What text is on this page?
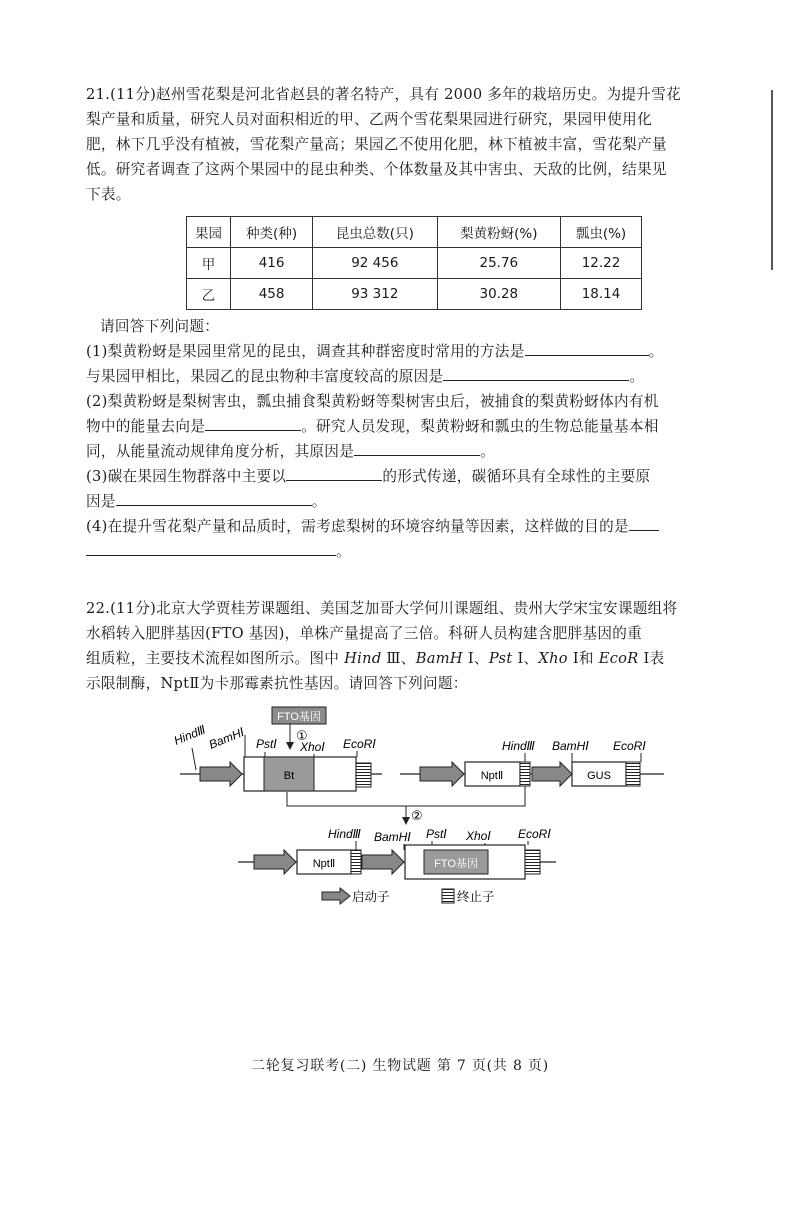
21.(11分)赵州雪花梨是河北省赵县的著名特产，具有 2000 多年的栽培历史。为提升雪花

梨产量和质量，研究人员对面积相近的甲、乙两个雪花梨果园进行研究，果园甲使用化

肥，林下几乎没有植被，雪花梨产量高；果园乙不使用化肥，林下植被丰富，雪花梨产量

低。研究者调查了这两个果园中的昆虫种类、个体数量及其中害虫、天敌的比例，结果见

下表。

果园	种类(种)	昆虫总数(只)	梨黄粉蚜(%)	瓢虫(%)
甲	416	92 456	25.76	12.22
乙	458	93 312	30.28	18.14

请回答下列问题：

(1)梨黄粉蚜是果园里常见的昆虫，调查其种群密度时常用的方法是	。

与果园甲相比，果园乙的昆虫物种丰富度较高的原因是	。

(2)梨黄粉蚜是梨树害虫，瓢虫捕食梨黄粉蚜等梨树害虫后，被捕食的梨黄粉蚜体内有机

物中的能量去向是	。研究人员发现，梨黄粉蚜和瓢虫的生物总能量基本相

同，从能量流动规律角度分析，其原因是	。

(3)碳在果园生物群落中主要以	的形式传递，碳循环具有全球性的主要原

因是	。

(4)在提升雪花梨产量和品质时，需考虑梨树的环境容纳量等因素，这样做的目的是

。

22.(11分)北京大学贾桂芳课题组、美国芝加哥大学何川课题组、贵州大学宋宝安课题组将

水稻转入肥胖基因(FTO 基因)，单株产量提高了三倍。科研人员构建含肥胖基因的重

组质粒，主要技术流程如图所示。图中 Hind Ⅲ、BamH Ⅰ、Pst Ⅰ、Xho Ⅰ和 EcoR Ⅰ表

示限制酶，NptⅡ为卡那霉素抗性基因。请回答下列问题：

FTO基因
①
Bt
HindⅢ BamHⅠ PstⅠ XhoⅠ EcoRⅠ
NptⅡ	GUS
HindⅢ BamHⅠ EcoRⅠ
②
NptⅡ	FTO基因
HindⅢ BamHⅠ PstⅠ XhoⅠ EcoRⅠ
启动子	终止子
二轮复习联考(二) 生物试题 第 7 页(共 8 页)
